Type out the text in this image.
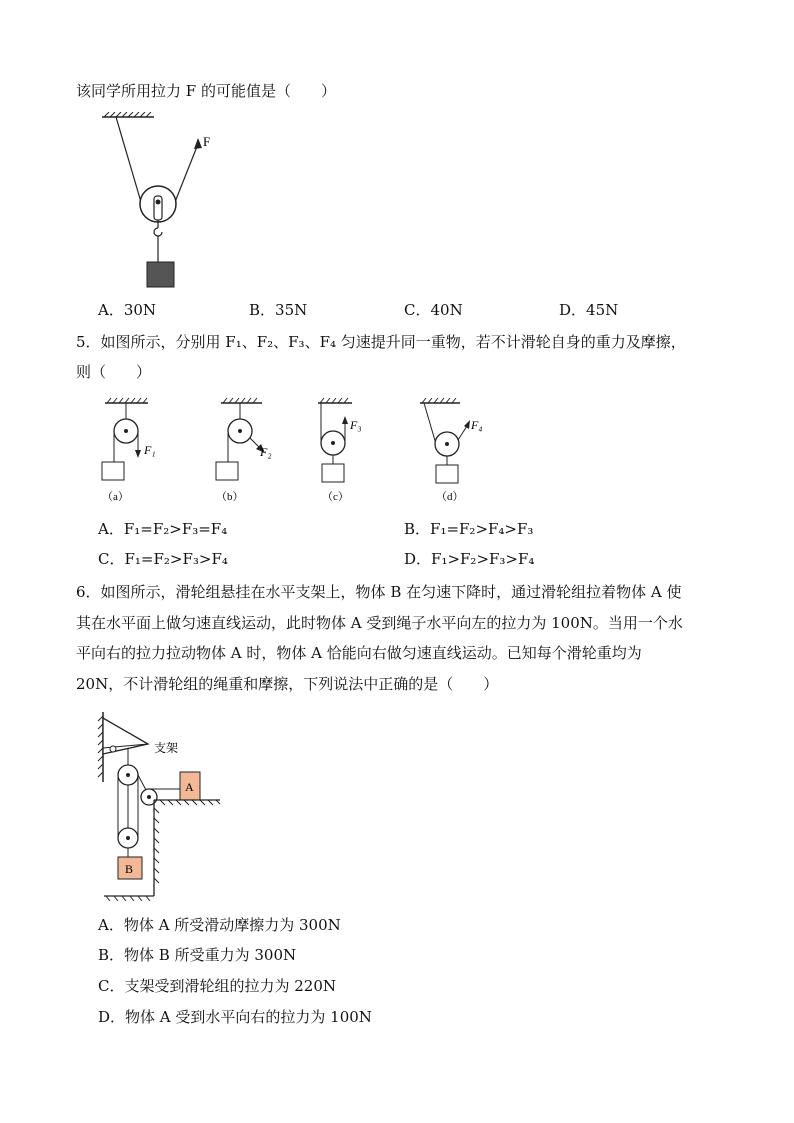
该同学所用拉力 F 的可能值是（　　）
F
A．30N	B．35N	C．40N	D．45N
5．如图所示，分别用 F₁、F₂、F₃、F₄ 匀速提升同一重物，若不计滑轮自身的重力及摩擦，
则（　　）
F₁
（a）
F₂
（b）
F₃
（c）
F₄
（d）
A．F₁=F₂>F₃=F₄	B．F₁=F₂>F₄>F₃
C．F₁=F₂>F₃>F₄	D．F₁>F₂>F₃>F₄
6．如图所示，滑轮组悬挂在水平支架上，物体 B 在匀速下降时，通过滑轮组拉着物体 A 使
其在水平面上做匀速直线运动，此时物体 A 受到绳子水平向左的拉力为 100N。当用一个水
平向右的拉力拉动物体 A 时，物体 A 恰能向右做匀速直线运动。已知每个滑轮重均为
20N，不计滑轮组的绳重和摩擦，下列说法中正确的是（　　）
支架
A
B
A．物体 A 所受滑动摩擦力为 300N
B．物体 B 所受重力为 300N
C．支架受到滑轮组的拉力为 220N
D．物体 A 受到水平向右的拉力为 100N
